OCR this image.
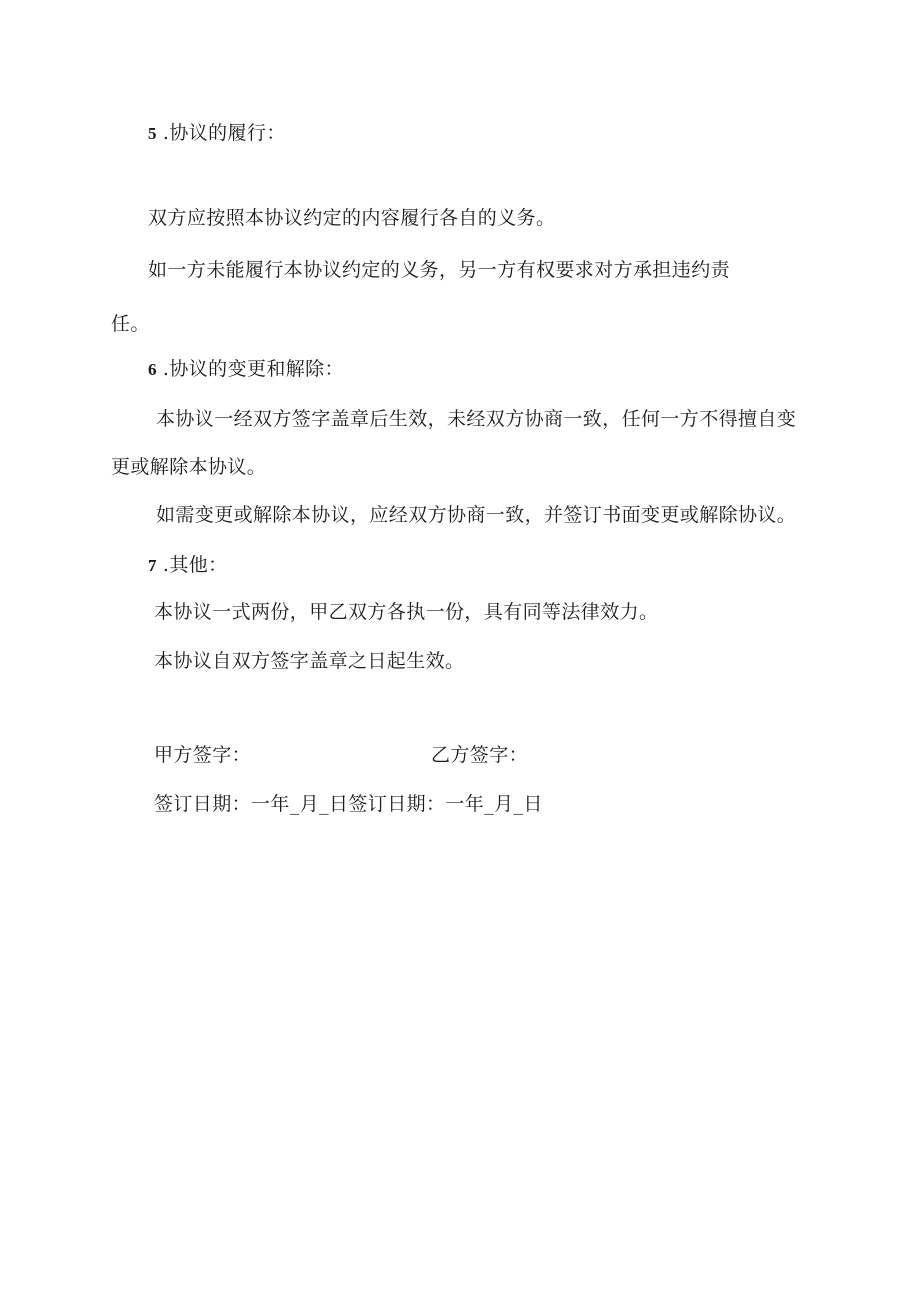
5 .协议的履行：
双方应按照本协议约定的内容履行各自的义务。
如一方未能履行本协议约定的义务，另一方有权要求对方承担违约责
任。
6 .协议的变更和解除：
本协议一经双方签字盖章后生效，未经双方协商一致，任何一方不得擅自变
更或解除本协议。
如需变更或解除本协议，应经双方协商一致，并签订书面变更或解除协议。
7 .其他：
本协议一式两份，甲乙双方各执一份，具有同等法律效力。
本协议自双方签字盖章之日起生效。
甲方签字：	乙方签字：
签订日期：一年_月_日签订日期：一年_月_日
